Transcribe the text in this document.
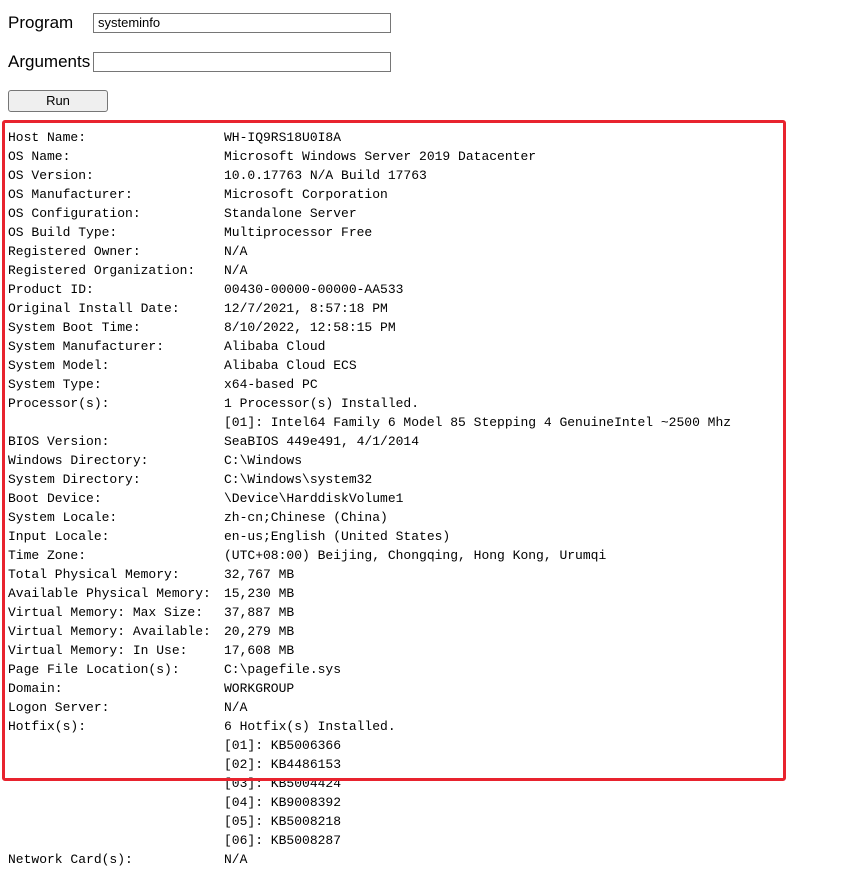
Program
systeminfo
Arguments
Run
Host Name:	WH-IQ9RS18U0I8A
OS Name:	Microsoft Windows Server 2019 Datacenter
OS Version:	10.0.17763 N/A Build 17763
OS Manufacturer:	Microsoft Corporation
OS Configuration:	Standalone Server
OS Build Type:	Multiprocessor Free
Registered Owner:	N/A
Registered Organization: N/A
Product ID:	00430-00000-00000-AA533
Original Install Date:	12/7/2021, 8:57:18 PM
System Boot Time:	8/10/2022, 12:58:15 PM
System Manufacturer:	Alibaba Cloud
System Model:	Alibaba Cloud ECS
System Type:	x64-based PC
Processor(s):	1 Processor(s) Installed.
[01]: Intel64 Family 6 Model 85 Stepping 4 GenuineIntel ~2500 Mhz
BIOS Version:	SeaBIOS 449e491, 4/1/2014
Windows Directory:	C:\Windows
System Directory:	C:\Windows\system32
Boot Device:	\Device\HarddiskVolume1
System Locale:	zh-cn;Chinese (China)
Input Locale:	en-us;English (United States)
Time Zone:	(UTC+08:00) Beijing, Chongqing, Hong Kong, Urumqi
Total Physical Memory:	32,767 MB
Available Physical Memory: 15,230 MB
Virtual Memory: Max Size: 37,887 MB
Virtual Memory: Available: 20,279 MB
Virtual Memory: In Use:	17,608 MB
Page File Location(s):	C:\pagefile.sys
Domain:	WORKGROUP
Logon Server:	N/A
Hotfix(s):	6 Hotfix(s) Installed.
[01]: KB5006366
[02]: KB4486153
[03]: KB5004424
[04]: KB9008392
[05]: KB5008218
[06]: KB5008287
Network Card(s):	N/A
